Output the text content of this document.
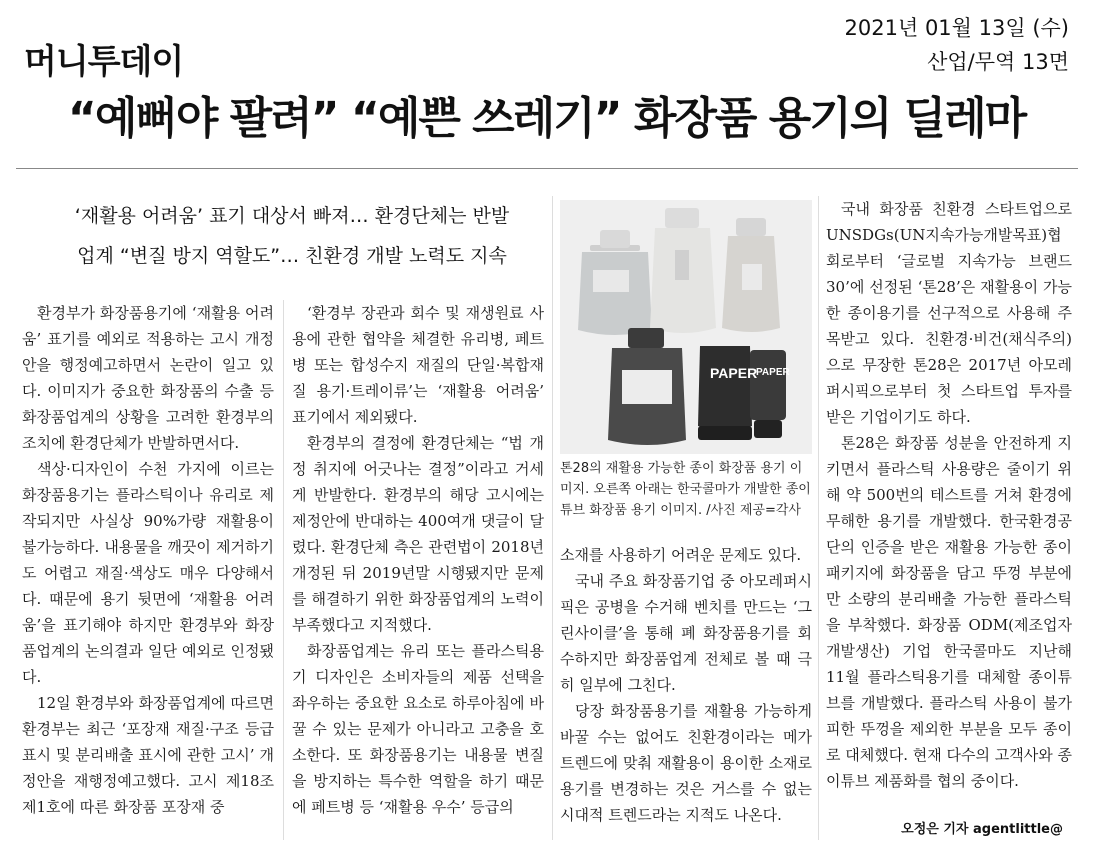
머니투데이
2021년 01월 13일 (수)
산업/무역 13면
“예뻐야 팔려” “예쁜 쓰레기” 화장품 용기의 딜레마
‘재활용 어려움’ 표기 대상서 빠져… 환경단체는 반발
업계 “변질 방지 역할도”… 친환경 개발 노력도 지속

환경부가 화장품용기에 ‘재활용 어려움’ 표기를 예외로 적용하는 고시 개정안을 행정예고하면서 논란이 일고 있다. 이미지가 중요한 화장품의 수출 등 화장품업계의 상황을 고려한 환경부의 조치에 환경단체가 반발하면서다.

색상·디자인이 수천 가지에 이르는 화장품용기는 플라스틱이나 유리로 제작되지만 사실상 90%가량 재활용이 불가능하다. 내용물을 깨끗이 제거하기도 어렵고 재질·색상도 매우 다양해서다. 때문에 용기 뒷면에 ‘재활용 어려움’을 표기해야 하지만 환경부와 화장품업계의 논의결과 일단 예외로 인정됐다.

12일 환경부와 화장품업계에 따르면 환경부는 최근 ‘포장재 재질·구조 등급표시 및 분리배출 표시에 관한 고시’ 개정안을 재행정예고했다. 고시 제18조 제1호에 따른 화장품 포장재 중

‘환경부 장관과 회수 및 재생원료 사용에 관한 협약을 체결한 유리병, 페트병 또는 합성수지 재질의 단일·복합재질 용기·트레이류’는 ‘재활용 어려움’ 표기에서 제외됐다.

환경부의 결정에 환경단체는 “법 개정 취지에 어긋나는 결정”이라고 거세게 반발한다. 환경부의 해당 고시에는 제정안에 반대하는 400여개 댓글이 달렸다. 환경단체 측은 관련법이 2018년 개정된 뒤 2019년말 시행됐지만 문제를 해결하기 위한 화장품업계의 노력이 부족했다고 지적했다.

화장품업계는 유리 또는 플라스틱용기 디자인은 소비자들의 제품 선택을 좌우하는 중요한 요소로 하루아침에 바꿀 수 있는 문제가 아니라고 고충을 호소한다. 또 화장품용기는 내용물 변질을 방지하는 특수한 역할을 하기 때문에 페트병 등 ‘재활용 우수’ 등급의

PAPER
PAPER
톤28의 재활용 가능한 종이 화장품 용기 이미지. 오른쪽 아래는 한국콜마가 개발한 종이튜브 화장품 용기 이미지. /사진 제공=각사

소재를 사용하기 어려운 문제도 있다.

국내 주요 화장품기업 중 아모레퍼시픽은 공병을 수거해 벤치를 만드는 ‘그린사이클’을 통해 폐 화장품용기를 회수하지만 화장품업계 전체로 볼 때 극히 일부에 그친다.

당장 화장품용기를 재활용 가능하게 바꿀 수는 없어도 친환경이라는 메가 트렌드에 맞춰 재활용이 용이한 소재로 용기를 변경하는 것은 거스를 수 없는 시대적 트렌드라는 지적도 나온다.

국내 화장품 친환경 스타트업으로 UNSDGs(UN지속가능개발목표)협회로부터 ‘글로벌 지속가능 브랜드 30’에 선정된 ‘톤28’은 재활용이 가능한 종이용기를 선구적으로 사용해 주목받고 있다. 친환경·비건(채식주의)으로 무장한 톤28은 2017년 아모레퍼시픽으로부터 첫 스타트업 투자를 받은 기업이기도 하다.

톤28은 화장품 성분을 안전하게 지키면서 플라스틱 사용량은 줄이기 위해 약 500번의 테스트를 거쳐 환경에 무해한 용기를 개발했다. 한국환경공단의 인증을 받은 재활용 가능한 종이 패키지에 화장품을 담고 뚜껑 부분에만 소량의 분리배출 가능한 플라스틱을 부착했다. 화장품 ODM(제조업자개발생산) 기업 한국콜마도 지난해 11월 플라스틱용기를 대체할 종이튜브를 개발했다. 플라스틱 사용이 불가피한 뚜껑을 제외한 부분을 모두 종이로 대체했다. 현재 다수의 고객사와 종이튜브 제품화를 협의 중이다.

오정은 기자 agentlittle@
